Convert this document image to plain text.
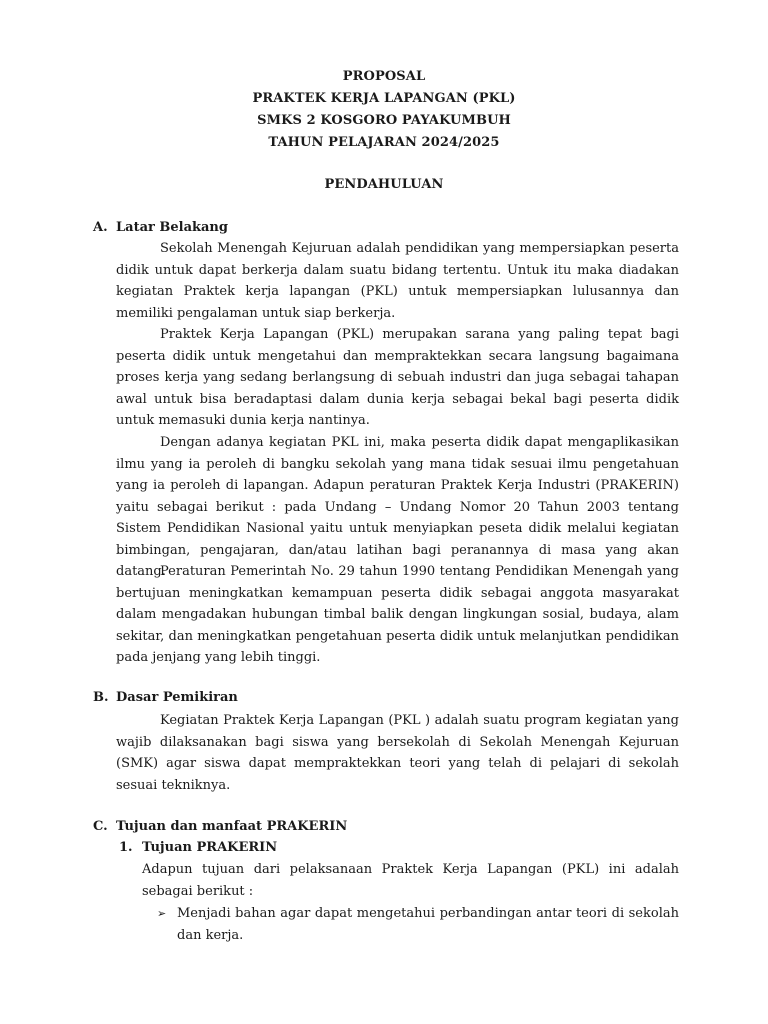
PROPOSAL
PRAKTEK KERJA LAPANGAN (PKL)
SMKS 2 KOSGORO PAYAKUMBUH
TAHUN PELAJARAN 2024/2025
PENDAHULUAN
A. Latar Belakang

Sekolah Menengah Kejuruan adalah pendidikan yang mempersiapkan peserta didik untuk dapat berkerja dalam suatu bidang tertentu. Untuk itu maka diadakan kegiatan Praktek kerja lapangan (PKL) untuk mempersiapkan lulusannya dan memiliki pengalaman untuk siap berkerja.

Praktek Kerja Lapangan (PKL) merupakan sarana yang paling tepat bagi peserta didik untuk mengetahui dan mempraktekkan secara langsung bagaimana proses kerja yang sedang berlangsung di sebuah industri dan juga sebagai tahapan awal untuk bisa beradaptasi dalam dunia kerja sebagai bekal bagi peserta didik untuk memasuki dunia kerja nantinya.

Dengan adanya kegiatan PKL ini, maka peserta didik dapat mengaplikasikan ilmu yang ia peroleh di bangku sekolah yang mana tidak sesuai ilmu pengetahuan yang ia peroleh di lapangan. Adapun peraturan Praktek Kerja Industri (PRAKERIN) yaitu sebagai berikut : pada Undang – Undang Nomor 20 Tahun 2003 tentang Sistem Pendidikan Nasional yaitu untuk menyiapkan peseta didik melalui kegiatan bimbingan, pengajaran, dan/atau latihan bagi peranannya di masa yang akan datang.

Peraturan Pemerintah No. 29 tahun 1990 tentang Pendidikan Menengah yang bertujuan meningkatkan kemampuan peserta didik sebagai anggota masyarakat dalam mengadakan hubungan timbal balik dengan lingkungan sosial, budaya, alam sekitar, dan meningkatkan pengetahuan peserta didik untuk melanjutkan pendidikan pada jenjang yang lebih tinggi.

B. Dasar Pemikiran

Kegiatan Praktek Kerja Lapangan (PKL ) adalah suatu program kegiatan yang wajib dilaksanakan bagi siswa yang bersekolah di Sekolah Menengah Kejuruan (SMK) agar siswa dapat mempraktekkan teori yang telah di pelajari di sekolah sesuai tekniknya.

C. Tujuan dan manfaat PRAKERIN
1. Tujuan PRAKERIN

Adapun tujuan dari pelaksanaan Praktek Kerja Lapangan (PKL) ini adalah sebagai berikut :

➢ Menjadi bahan agar dapat mengetahui perbandingan antar teori di sekolah dan kerja.
